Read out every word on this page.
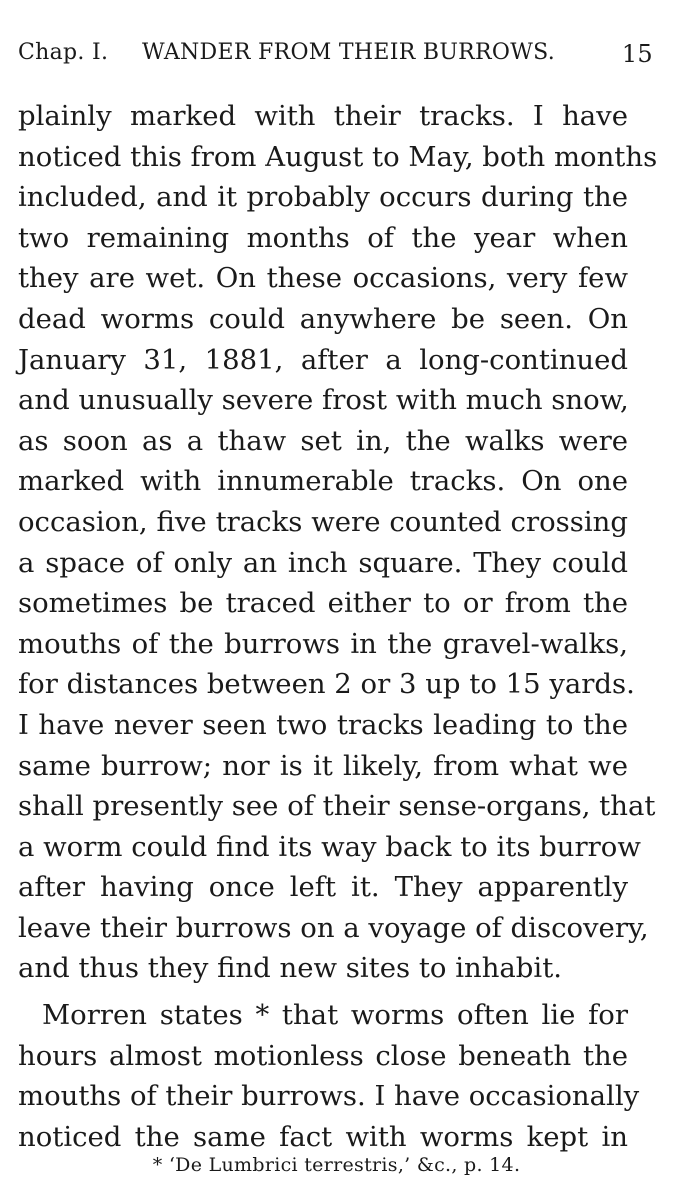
Chap. I. WANDER FROM THEIR BURROWS.	15
plainly marked with their tracks. I have
noticed this from August to May, both months
included, and it probably occurs during the
two remaining months of the year when
they are wet. On these occasions, very few
dead worms could anywhere be seen. On
January 31, 1881, after a long-continued
and unusually severe frost with much snow,
as soon as a thaw set in, the walks were
marked with innumerable tracks. On one
occasion, five tracks were counted crossing
a space of only an inch square. They could
sometimes be traced either to or from the
mouths of the burrows in the gravel-walks,
for distances between 2 or 3 up to 15 yards.
I have never seen two tracks leading to the
same burrow; nor is it likely, from what we
shall presently see of their sense-organs, that
a worm could find its way back to its burrow
after having once left it. They apparently
leave their burrows on a voyage of discovery,
and thus they find new sites to inhabit.
Morren states * that worms often lie for
hours almost motionless close beneath the
mouths of their burrows. I have occasionally
noticed the same fact with worms kept in
* ‘De Lumbrici terrestris,’ &c., p. 14.
